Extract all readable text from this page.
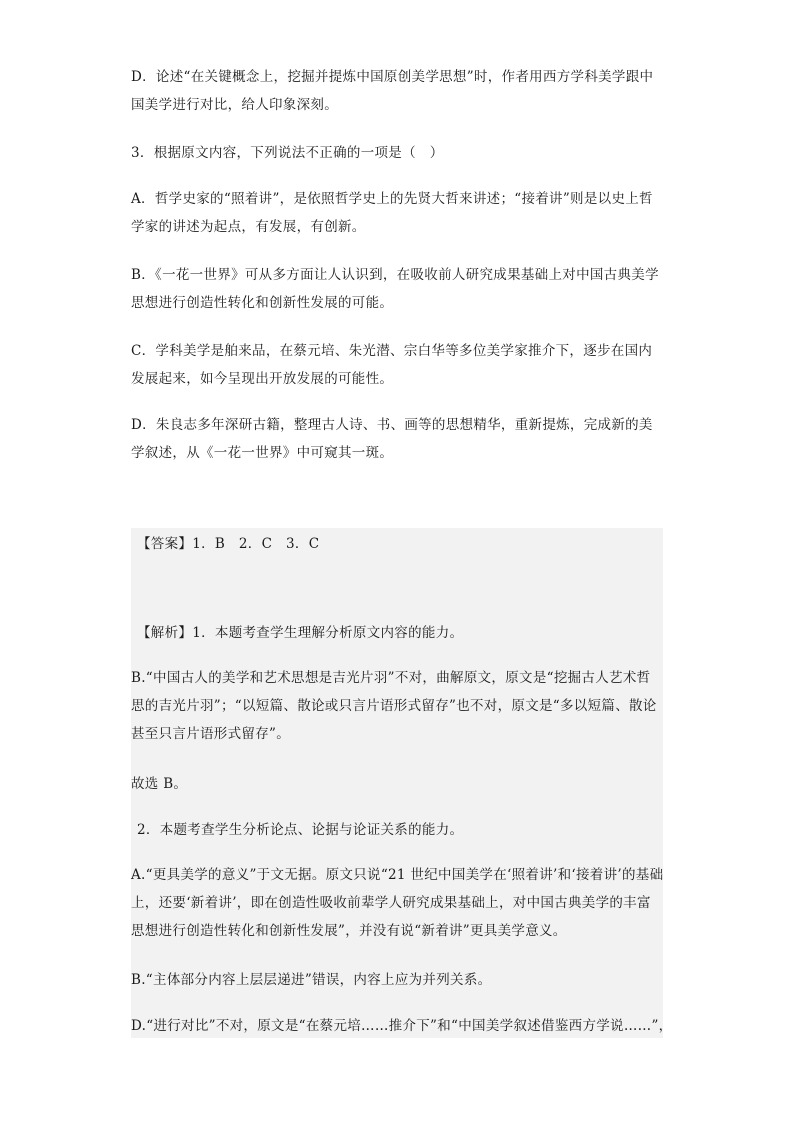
D．论述“在关键概念上，挖掘并提炼中国原创美学思想”时，作者用西方学科美学跟中
国美学进行对比，给人印象深刻。

3．根据原文内容，下列说法不正确的一项是（　）

A．哲学史家的“照着讲”，是依照哲学史上的先贤大哲来讲述；“接着讲”则是以史上哲
学家的讲述为起点，有发展，有创新。

B．《一花一世界》可从多方面让人认识到，在吸收前人研究成果基础上对中国古典美学
思想进行创造性转化和创新性发展的可能。

C．学科美学是舶来品，在蔡元培、朱光潜、宗白华等多位美学家推介下，逐步在国内
发展起来，如今呈现出开放发展的可能性。

D．朱良志多年深研古籍，整理古人诗、书、画等的思想精华，重新提炼，完成新的美
学叙述，从《一花一世界》中可窥其一斑。

【答案】1．B　2．C　3．C

【解析】1．本题考查学生理解分析原文内容的能力。

B.“中国古人的美学和艺术思想是吉光片羽”不对，曲解原文，原文是“挖掘古人艺术哲
思的吉光片羽”；“以短篇、散论或只言片语形式留存”也不对，原文是“多以短篇、散论
甚至只言片语形式留存”。

故选 B。

2．本题考查学生分析论点、论据与论证关系的能力。

A.“更具美学的意义”于文无据。原文只说“21 世纪中国美学在‘照着讲’和‘接着讲’的基础
上，还要‘新着讲’，即在创造性吸收前辈学人研究成果基础上，对中国古典美学的丰富
思想进行创造性转化和创新性发展”，并没有说“新着讲”更具美学意义。

B.“主体部分内容上层层递进”错误，内容上应为并列关系。

D.“进行对比”不对，原文是“在蔡元培……推介下”和“中国美学叙述借鉴西方学说……”，
